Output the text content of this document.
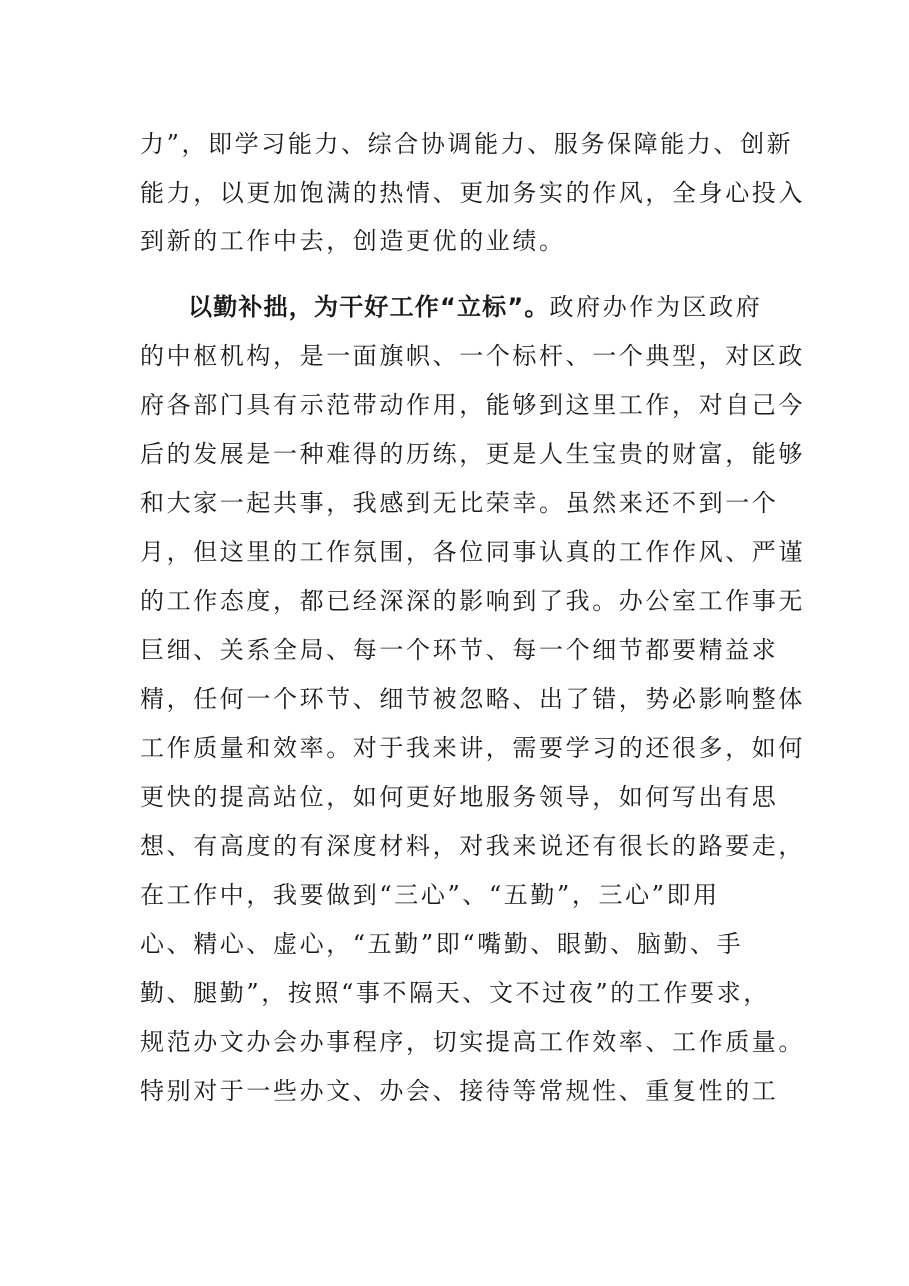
力”，即学习能力、综合协调能力、服务保障能力、创新
能力，以更加饱满的热情、更加务实的作风，全身心投入
到新的工作中去，创造更优的业绩。
以勤补拙，为干好工作“立标”。政府办作为区政府
的中枢机构，是一面旗帜、一个标杆、一个典型，对区政
府各部门具有示范带动作用，能够到这里工作，对自己今
后的发展是一种难得的历练，更是人生宝贵的财富，能够
和大家一起共事，我感到无比荣幸。虽然来还不到一个
月，但这里的工作氛围，各位同事认真的工作作风、严谨
的工作态度，都已经深深的影响到了我。办公室工作事无
巨细、关系全局、每一个环节、每一个细节都要精益求
精，任何一个环节、细节被忽略、出了错，势必影响整体
工作质量和效率。对于我来讲，需要学习的还很多，如何
更快的提高站位，如何更好地服务领导，如何写出有思
想、有高度的有深度材料，对我来说还有很长的路要走，
在工作中，我要做到“三心”、“五勤”，三心”即用
心、精心、虚心，“五勤”即“嘴勤、眼勤、脑勤、手
勤、腿勤”，按照“事不隔天、文不过夜”的工作要求，
规范办文办会办事程序，切实提高工作效率、工作质量。
特别对于一些办文、办会、接待等常规性、重复性的工
